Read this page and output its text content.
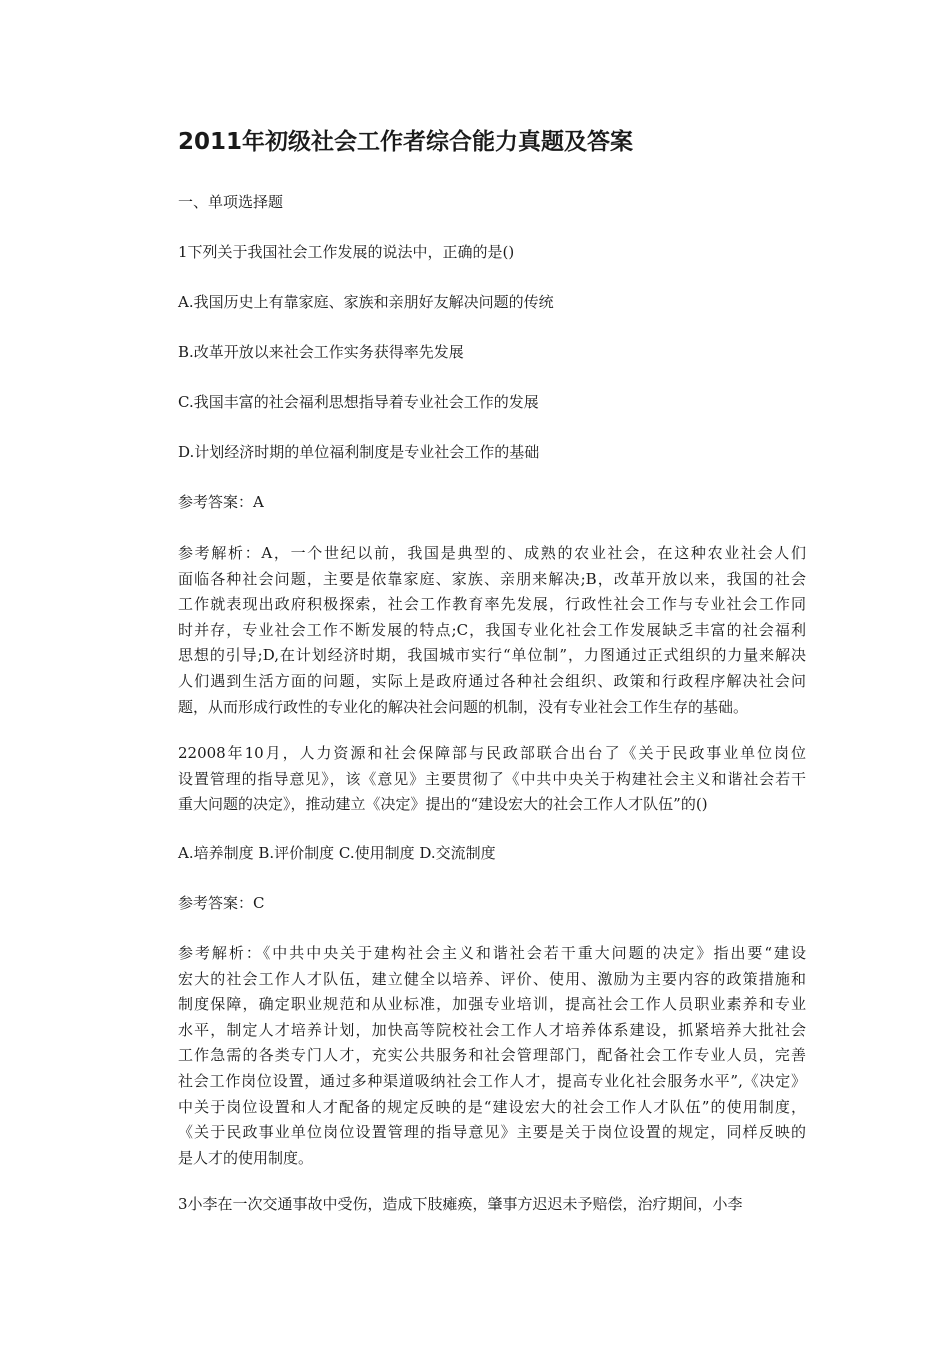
2011年初级社会工作者综合能力真题及答案

一、单项选择题

1下列关于我国社会工作发展的说法中，正确的是()

A.我国历史上有靠家庭、家族和亲朋好友解决问题的传统

B.改革开放以来社会工作实务获得率先发展

C.我国丰富的社会福利思想指导着专业社会工作的发展

D.计划经济时期的单位福利制度是专业社会工作的基础

参考答案：A

参考解析：A，一个世纪以前，我国是典型的、成熟的农业社会，在这种农业社会人们
面临各种社会问题，主要是依靠家庭、家族、亲朋来解决;B，改革开放以来，我国的社会
工作就表现出政府积极探索，社会工作教育率先发展，行政性社会工作与专业社会工作同
时并存，专业社会工作不断发展的特点;C，我国专业化社会工作发展缺乏丰富的社会福利
思想的引导;D,在计划经济时期，我国城市实行“单位制”，力图通过正式组织的力量来解决
人们遇到生活方面的问题，实际上是政府通过各种社会组织、政策和行政程序解决社会问
题，从而形成行政性的专业化的解决社会问题的机制，没有专业社会工作生存的基础。
22008年10月，人力资源和社会保障部与民政部联合出台了《关于民政事业单位岗位
设置管理的指导意见》，该《意见》主要贯彻了《中共中央关于构建社会主义和谐社会若干
重大问题的决定》，推动建立《决定》提出的“建设宏大的社会工作人才队伍”的()

A.培养制度 B.评价制度 C.使用制度 D.交流制度

参考答案：C

参考解析：《中共中央关于建构社会主义和谐社会若干重大问题的决定》指出要“建设
宏大的社会工作人才队伍，建立健全以培养、评价、使用、激励为主要内容的政策措施和
制度保障，确定职业规范和从业标准，加强专业培训，提高社会工作人员职业素养和专业
水平，制定人才培养计划，加快高等院校社会工作人才培养体系建设，抓紧培养大批社会
工作急需的各类专门人才，充实公共服务和社会管理部门，配备社会工作专业人员，完善
社会工作岗位设置，通过多种渠道吸纳社会工作人才，提高专业化社会服务水平”,《决定》
中关于岗位设置和人才配备的规定反映的是“建设宏大的社会工作人才队伍”的使用制度，
《关于民政事业单位岗位设置管理的指导意见》主要是关于岗位设置的规定，同样反映的
是人才的使用制度。

3小李在一次交通事故中受伤，造成下肢瘫痪，肇事方迟迟未予赔偿，治疗期间，小李
